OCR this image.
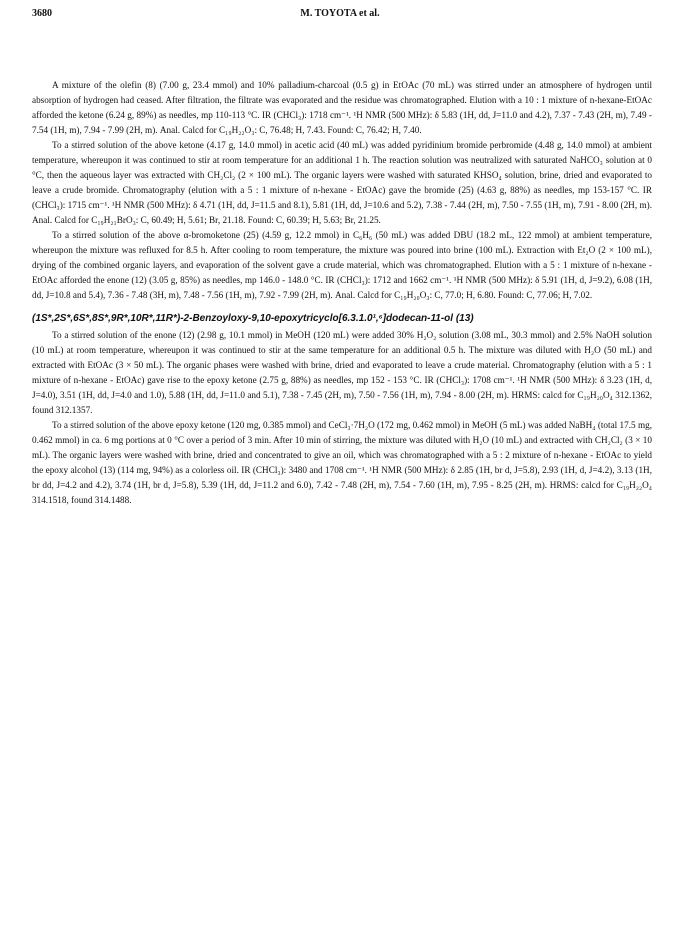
3680	M. TOYOTA et al.

A mixture of the olefin (8) (7.00 g, 23.4 mmol) and 10% palladium-charcoal (0.5 g) in EtOAc (70 mL) was stirred under an atmosphere of hydrogen until absorption of hydrogen had ceased. After filtration, the filtrate was evaporated and the residue was chromatographed. Elution with a 10 : 1 mixture of n-hexane-EtOAc afforded the ketone (6.24 g, 89%) as needles, mp 110-113 °C. IR (CHCl₃): 1718 cm⁻¹. ¹H NMR (500 MHz): δ 5.83 (1H, dd, J=11.0 and 4.2), 7.37 - 7.43 (2H, m), 7.49 - 7.54 (1H, m), 7.94 - 7.99 (2H, m). Anal. Calcd for C₁₉H₂₂O₃: C, 76.48; H, 7.43. Found: C, 76.42; H, 7.40.

To a stirred solution of the above ketone (4.17 g, 14.0 mmol) in acetic acid (40 mL) was added pyridinium bromide perbromide (4.48 g, 14.0 mmol) at ambient temperature, whereupon it was continued to stir at room temperature for an additional 1 h. The reaction solution was neutralized with saturated NaHCO₃ solution at 0 °C, then the aqueous layer was extracted with CH₂Cl₂ (2 × 100 mL). The organic layers were washed with saturated KHSO₄ solution, brine, dried and evaporated to leave a crude bromide. Chromatography (elution with a 5 : 1 mixture of n-hexane - EtOAc) gave the bromide (25) (4.63 g, 88%) as needles, mp 153-157 °C. IR (CHCl₃): 1715 cm⁻¹. ¹H NMR (500 MHz): δ 4.71 (1H, dd, J=11.5 and 8.1), 5.81 (1H, dd, J=10.6 and 5.2), 7.38 - 7.44 (2H, m), 7.50 - 7.55 (1H, m), 7.91 - 8.00 (2H, m). Anal. Calcd for C₁₉H₂₁BrO₃: C, 60.49; H, 5.61; Br, 21.18. Found: C, 60.39; H, 5.63; Br, 21.25.

To a stirred solution of the above α-bromoketone (25) (4.59 g, 12.2 mmol) in C₆H₆ (50 mL) was added DBU (18.2 mL, 122 mmol) at ambient temperature, whereupon the mixture was refluxed for 8.5 h. After cooling to room temperature, the mixture was poured into brine (100 mL). Extraction with Et₂O (2 × 100 mL), drying of the combined organic layers, and evaporation of the solvent gave a crude material, which was chromatographed. Elution with a 5 : 1 mixture of n-hexane - EtOAc afforded the enone (12) (3.05 g, 85%) as needles, mp 146.0 - 148.0 °C. IR (CHCl₃): 1712 and 1662 cm⁻¹. ¹H NMR (500 MHz): δ 5.91 (1H, d, J=9.2), 6.08 (1H, dd, J=10.8 and 5.4), 7.36 - 7.48 (3H, m), 7.48 - 7.56 (1H, m), 7.92 - 7.99 (2H, m). Anal. Calcd for C₁₉H₂₀O₃: C, 77.0; H, 6.80. Found: C, 77.06; H, 7.02.

(1S*,2S*,6S*,8S*,9R*,10R*,11R*)-2-Benzoyloxy-9,10-epoxytricyclo[6.3.1.0¹,⁶]dodecan-11-ol (13)

To a stirred solution of the enone (12) (2.98 g, 10.1 mmol) in MeOH (120 mL) were added 30% H₂O₂ solution (3.08 mL, 30.3 mmol) and 2.5% NaOH solution (10 mL) at room temperature, whereupon it was continued to stir at the same temperature for an additional 0.5 h. The mixture was diluted with H₂O (50 mL) and extracted with EtOAc (3 × 50 mL). The organic phases were washed with brine, dried and evaporated to leave a crude material. Chromatography (elution with a 5 : 1 mixture of n-hexane - EtOAc) gave rise to the epoxy ketone (2.75 g, 88%) as needles, mp 152 - 153 °C. IR (CHCl₃): 1708 cm⁻¹. ¹H NMR (500 MHz): δ 3.23 (1H, d, J=4.0), 3.51 (1H, dd, J=4.0 and 1.0), 5.88 (1H, dd, J=11.0 and 5.1), 7.38 - 7.45 (2H, m), 7.50 - 7.56 (1H, m), 7.94 - 8.00 (2H, m). HRMS: calcd for C₁₉H₂₀O₄ 312.1362, found 312.1357.

To a stirred solution of the above epoxy ketone (120 mg, 0.385 mmol) and CeCl₃·7H₂O (172 mg, 0.462 mmol) in MeOH (5 mL) was added NaBH₄ (total 17.5 mg, 0.462 mmol) in ca. 6 mg portions at 0 °C over a period of 3 min. After 10 min of stirring, the mixture was diluted with H₂O (10 mL) and extracted with CH₂Cl₂ (3 × 10 mL). The organic layers were washed with brine, dried and concentrated to give an oil, which was chromatographed with a 5 : 2 mixture of n-hexane - EtOAc to yield the epoxy alcohol (13) (114 mg, 94%) as a colorless oil. IR (CHCl₃): 3480 and 1708 cm⁻¹. ¹H NMR (500 MHz): δ 2.85 (1H, br d, J=5.8), 2.93 (1H, d, J=4.2), 3.13 (1H, br dd, J=4.2 and 4.2), 3.74 (1H, br d, J=5.8), 5.39 (1H, dd, J=11.2 and 6.0), 7.42 - 7.48 (2H, m), 7.54 - 7.60 (1H, m), 7.95 - 8.25 (2H, m). HRMS: calcd for C₁₉H₂₂O₄ 314.1518, found 314.1488.
